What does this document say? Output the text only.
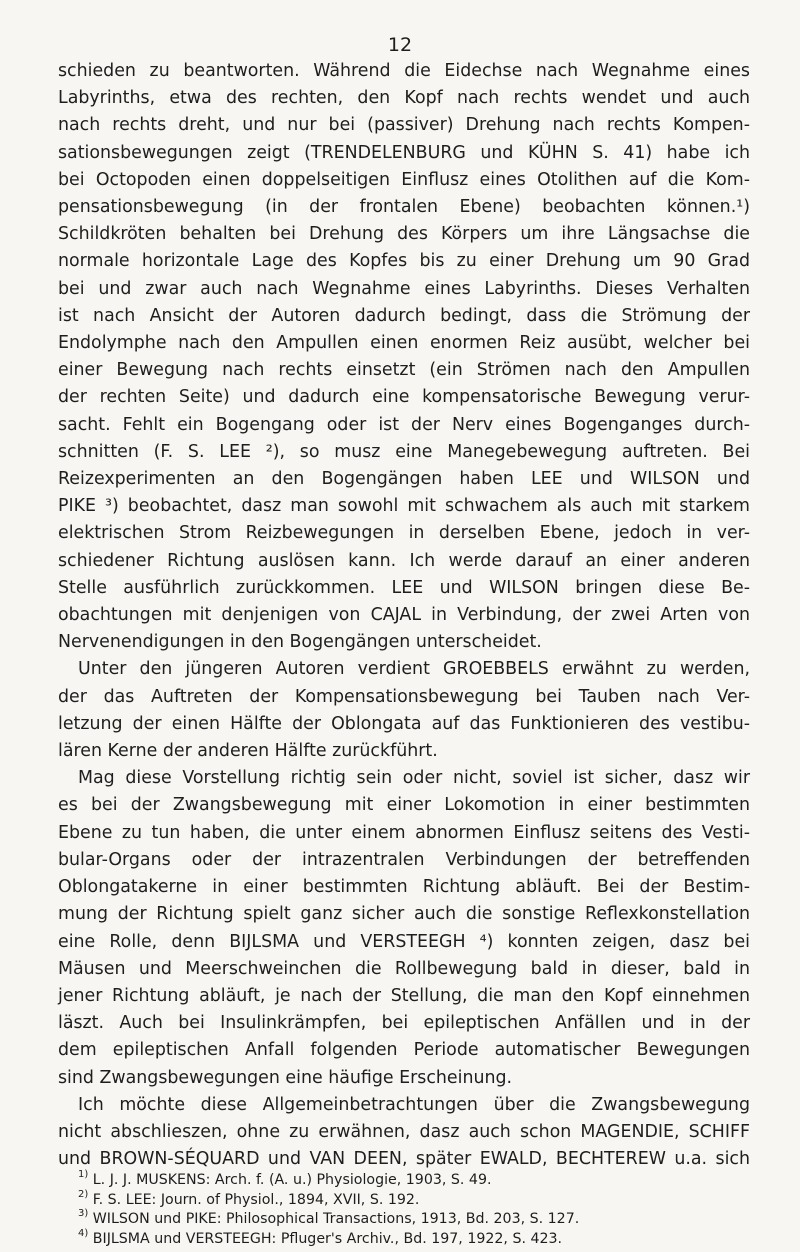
12
schieden zu beantworten. Während die Eidechse nach Wegnahme eines
Labyrinths, etwa des rechten, den Kopf nach rechts wendet und auch
nach rechts dreht, und nur bei (passiver) Drehung nach rechts Kompen-
sationsbewegungen zeigt (TRENDELENBURG und KÜHN S. 41) habe ich
bei Octopoden einen doppelseitigen Einflusz eines Otolithen auf die Kom-
pensationsbewegung (in der frontalen Ebene) beobachten können.¹)
Schildkröten behalten bei Drehung des Körpers um ihre Längsachse die
normale horizontale Lage des Kopfes bis zu einer Drehung um 90 Grad
bei und zwar auch nach Wegnahme eines Labyrinths. Dieses Verhalten
ist nach Ansicht der Autoren dadurch bedingt, dass die Strömung der
Endolymphe nach den Ampullen einen enormen Reiz ausübt, welcher bei
einer Bewegung nach rechts einsetzt (ein Strömen nach den Ampullen
der rechten Seite) und dadurch eine kompensatorische Bewegung verur-
sacht. Fehlt ein Bogengang oder ist der Nerv eines Bogenganges durch-
schnitten (F. S. LEE ²), so musz eine Manegebewegung auftreten. Bei
Reizexperimenten an den Bogengängen haben LEE und WILSON und
PIKE ³) beobachtet, dasz man sowohl mit schwachem als auch mit starkem
elektrischen Strom Reizbewegungen in derselben Ebene, jedoch in ver-
schiedener Richtung auslösen kann. Ich werde darauf an einer anderen
Stelle ausführlich zurückkommen. LEE und WILSON bringen diese Be-
obachtungen mit denjenigen von CAJAL in Verbindung, der zwei Arten von
Nervenendigungen in den Bogengängen unterscheidet.
Unter den jüngeren Autoren verdient GROEBBELS erwähnt zu werden,
der das Auftreten der Kompensationsbewegung bei Tauben nach Ver-
letzung der einen Hälfte der Oblongata auf das Funktionieren des vestibu-
lären Kerne der anderen Hälfte zurückführt.
Mag diese Vorstellung richtig sein oder nicht, soviel ist sicher, dasz wir
es bei der Zwangsbewegung mit einer Lokomotion in einer bestimmten
Ebene zu tun haben, die unter einem abnormen Einflusz seitens des Vesti-
bular-Organs oder der intrazentralen Verbindungen der betreffenden
Oblongatakerne in einer bestimmten Richtung abläuft. Bei der Bestim-
mung der Richtung spielt ganz sicher auch die sonstige Reflexkonstellation
eine Rolle, denn BIJLSMA und VERSTEEGH ⁴) konnten zeigen, dasz bei
Mäusen und Meerschweinchen die Rollbewegung bald in dieser, bald in
jener Richtung abläuft, je nach der Stellung, die man den Kopf einnehmen
läszt. Auch bei Insulinkrämpfen, bei epileptischen Anfällen und in der
dem epileptischen Anfall folgenden Periode automatischer Bewegungen
sind Zwangsbewegungen eine häufige Erscheinung.
Ich möchte diese Allgemeinbetrachtungen über die Zwangsbewegung
nicht abschlieszen, ohne zu erwähnen, dasz auch schon MAGENDIE, SCHIFF
und BROWN-SÉQUARD und VAN DEEN, später EWALD, BECHTEREW u.a. sich
$^{1)}$ L. J. J. MUSKENS: Arch. f. (A. u.) Physiologie, 1903, S. 49.
$^{2)}$ F. S. LEE: Journ. of Physiol., 1894, XVII, S. 192.
$^{3)}$ WILSON und PIKE: Philosophical Transactions, 1913, Bd. 203, S. 127.
$^{4)}$ BIJLSMA und VERSTEEGH: Pfluger's Archiv., Bd. 197, 1922, S. 423.
